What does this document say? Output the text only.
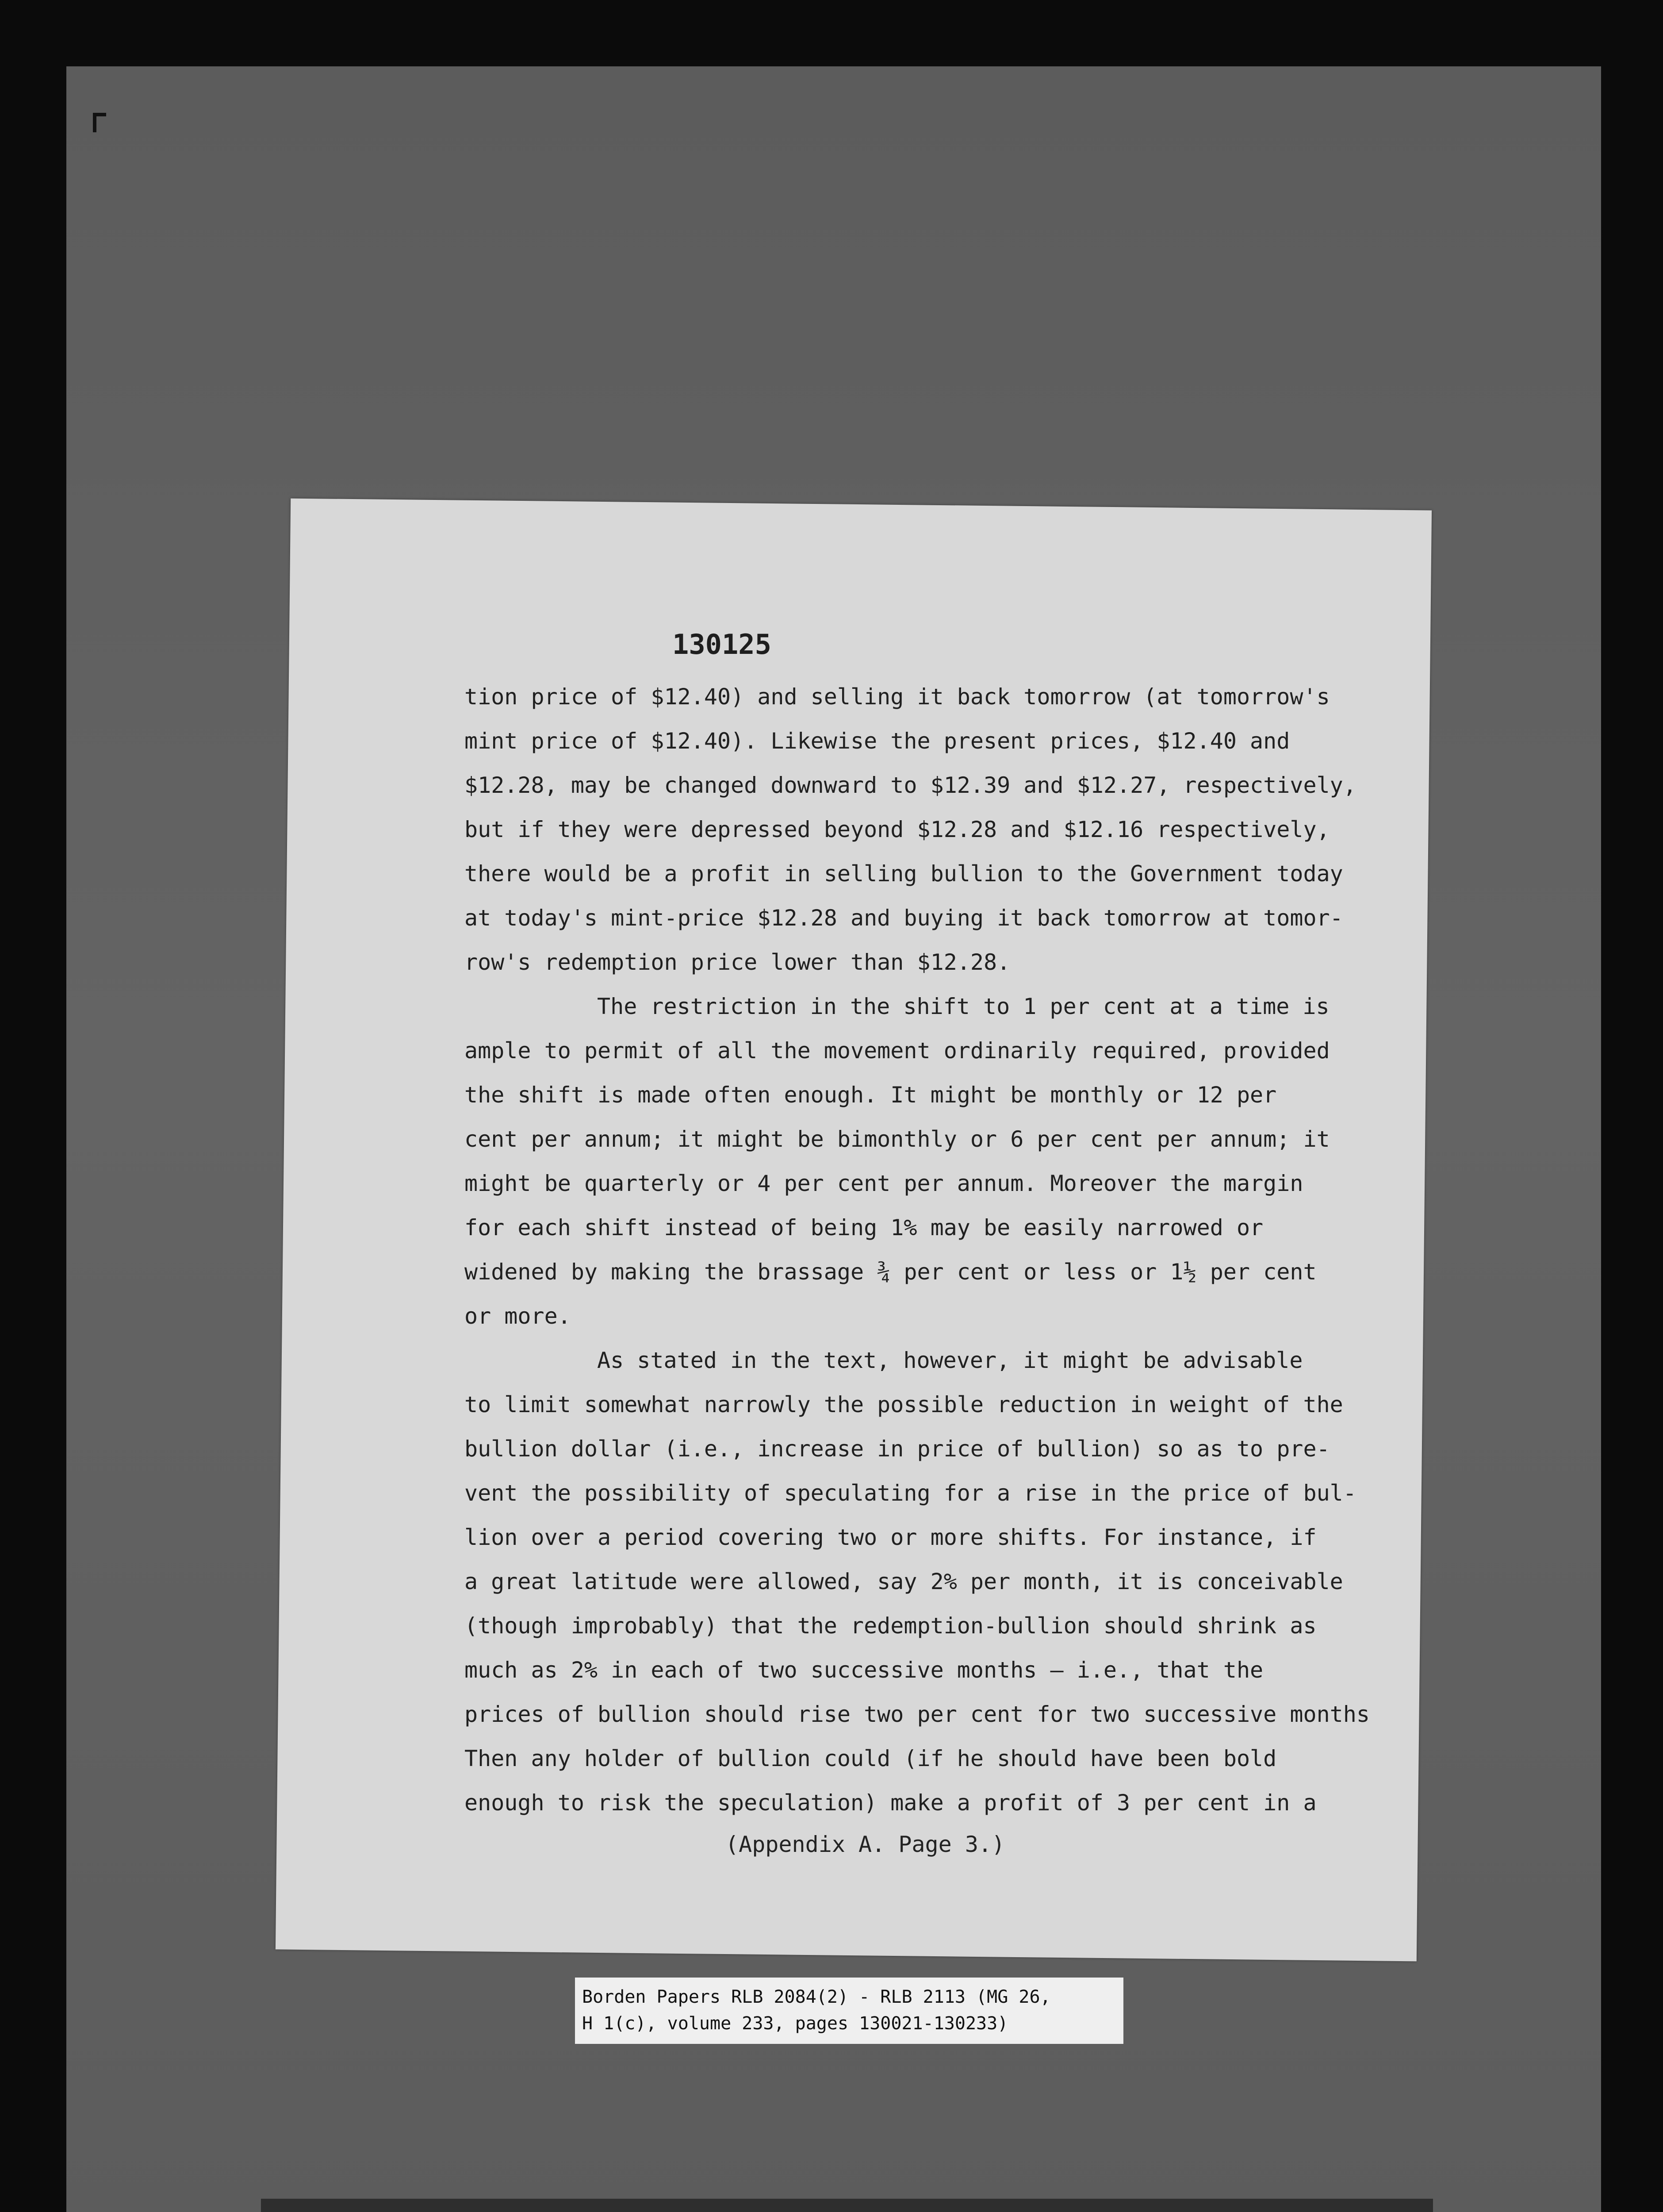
130125
tion price of $12.40) and selling it back tomorrow (at tomorrow's
mint price of $12.40). Likewise the present prices, $12.40 and
$12.28, may be changed downward to $12.39 and $12.27, respectively,
but if they were depressed beyond $12.28 and $12.16 respectively,
there would be a profit in selling bullion to the Government today
at today's mint-price $12.28 and buying it back tomorrow at tomor-
row's redemption price lower than $12.28.
The restriction in the shift to 1 per cent at a time is
ample to permit of all the movement ordinarily required, provided
the shift is made often enough. It might be monthly or 12 per
cent per annum; it might be bimonthly or 6 per cent per annum; it
might be quarterly or 4 per cent per annum. Moreover the margin
for each shift instead of being 1% may be easily narrowed or
widened by making the brassage ¾ per cent or less or 1½ per cent
or more.
As stated in the text, however, it might be advisable
to limit somewhat narrowly the possible reduction in weight of the
bullion dollar (i.e., increase in price of bullion) so as to pre-
vent the possibility of speculating for a rise in the price of bul-
lion over a period covering two or more shifts. For instance, if
a great latitude were allowed, say 2% per month, it is conceivable
(though improbably) that the redemption-bullion should shrink as
much as 2% in each of two successive months — i.e., that the
prices of bullion should rise two per cent for two successive months
Then any holder of bullion could (if he should have been bold
enough to risk the speculation) make a profit of 3 per cent in a
(Appendix A. Page 3.)
Borden Papers RLB 2084(2) - RLB 2113 (MG 26,
H 1(c), volume 233, pages 130021-130233)
